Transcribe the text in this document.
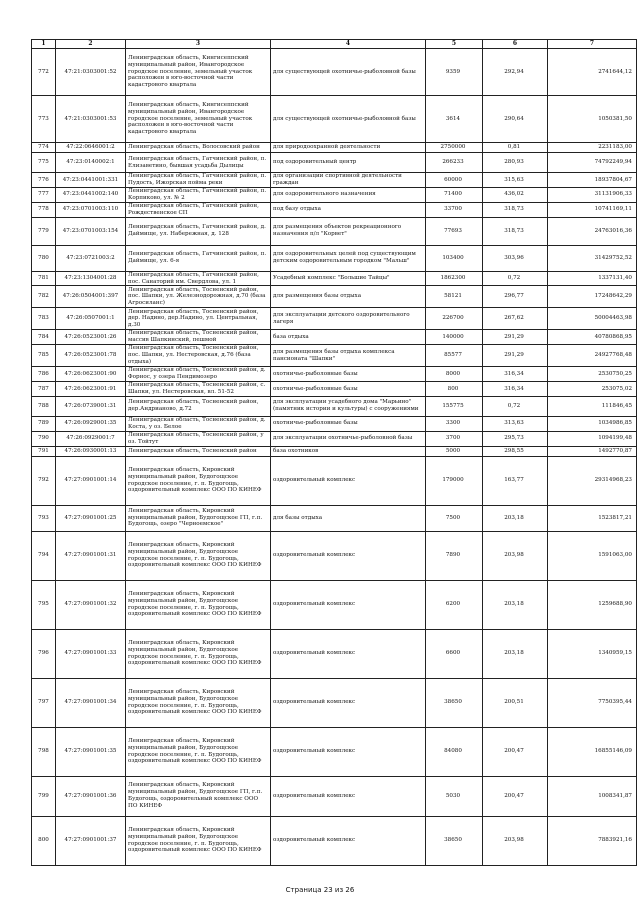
1	2	3	4	5	6	7
772	47:21:0303001:52	Ленинградская область, Кингисеппский муниципальный район, Ивангородское городское поселение, земельный участок расположен в юго-восточной части кадастрового квартала	для существующей охотничье-рыболовной базы	9359	292,94	2741644,12
773	47:21:0303001:53	Ленинградская область, Кингисеппский муниципальный район, Ивангородское городское поселение, земельный участок расположен в юго-восточной части кадастрового квартала	для существующей охотничье-рыболовной базы	3614	290,64	1050381,50
774	47:22:0646001:2	Ленинградская область, Волосовский район	для природоохранной деятельности	2750000	0,81	2231183,00
775	47:23:0140002:1	Ленинградская область, Гатчинский район, п. Елизаветино, бывшая усадьба Дылицы	под оздоровительный центр	266233	280,93	74792249,94
776	47:23:0441001:331	Ленинградская область, Гатчинский район, п. Пудость, Ижорская пойма реки	для организации спортивной деятельности граждан	60000	315,63	18937804,67
777	47:23:0441002:140	Ленинградская область, Гатчинский район, п. Корпиково, ул. № 2	для оздоровительного назначения	71400	436,02	31131906,33
778	47:23:0701003:110	Ленинградская область, Гатчинский район, Рождественское СП	под базу отдыха	33700	318,73	10741169,11
779	47:23:0701003:154	Ленинградская область, Гатчинский район, д. Даймище, ул. Набережная, д. 128	для размещения объектов рекреационного назначения п/л "Корвет"	77693	318,73	24763016,36
780	47:23:0721003:2	Ленинградская область, Гатчинский район, п. Даймище, ул. 6-я	для оздоровительных целей под существующим детским оздоровительным городком "Мальш"	103400	303,96	31429752,52
781	47:23:1304001:28	Ленинградская область, Гатчинский район, пос. Санаторий им. Свердлова, ул. 1	Усадебный комплекс "Большие Тайцы"	1862300	0,72	1337131,40
782	47:26:0504001:397	Ленинградская область, Тосненский район, пос. Шапки, ул. Железнодорожная, д.70 (база Агросиланс)	для размещения базы отдыха	58121	296,77	17248642,29
783	47:26:0507001:1	Ленинградская область, Тосненский район, дер. Надино, дер.Надино, ул. Центральная, д.30	для эксплуатации детского оздоровительного лагеря	226700	267,62	50004463,98
784	47:26:0523001:26	Ленинградская область, Тосненский район, массив Шапкинский, пешмой	база отдыха	140000	291,29	40780868,95
785	47:26:0523001:78	Ленинградская область, Тосненский район, пос. Шапки, ул. Нестеровская, д.76 (база отдыха)	для размещения базы отдыха комплекса пансионата "Шапки"	85577	291,29	24927768,48
786	47:26:0623001:90	Ленинградская область, Тосненский район, д. Форнос, у озера Пендимозеро	охотничье-рыболовные базы	8000	316,34	2530750,25
787	47:26:0623001:91	Ленинградская область, Тосненский район, с. Шапки, ул. Нестеровская, вл. 51-52	охотничье-рыболовные базы	800	316,34	253075,02
788	47:26:0739001:31	Ленинградская область, Тосненский район, дер.Андрианово, д.72	для эксплуатации усадебного дома "Марьино" (памятник истории и культуры) с сооружениями	155775	0,72	111846,45
789	47:26:0929001:35	Ленинградская область, Тосненский район, д. Коста, у оз. Белое	охотничье-рыболовные базы	3300	313,63	1034986,85
790	47:26:0929001:7	Ленинградская область, Тосненский район, у оз. Тойтут	для эксплуатации охотничье-рыболовной базы	3700	295,73	1094199,48
791	47:26:0930001:13	Ленинградская область, Тосненский район	база охотников	5000	298,55	1492770,87
792	47:27:0901001:14	Ленинградская область, Кировский муниципальный район, Будогощское городское поселение, г. п. Будогощь, оздоровительный комплекс ООО ПО КИНЕФ	оздоровительный комплекс	179000	163,77	29314968,23
793	47:27:0901001:25	Ленинградская область, Кировский муниципальный район, Будогощское ГП, г.п. Будогощь, озеро "Черноемское"	для базы отдыха	7500	203,18	1523817,21
794	47:27:0901001:31	Ленинградская область, Кировский муниципальный район, Будогощское городское поселение, г. п. Будогощь, оздоровительный комплекс ООО ПО КИНЕФ	оздоровительный комплекс	7890	203,98	1591063,00
795	47:27:0901001:32	Ленинградская область, Кировский муниципальный район, Будогощское городское поселение, г. п. Будогощь, оздоровительный комплекс ООО ПО КИНЕФ	оздоровительный комплекс	6200	203,18	1259688,90
796	47:27:0901001:33	Ленинградская область, Кировский муниципальный район, Будогощское городское поселение, г. п. Будогощь, оздоровительный комплекс ООО ПО КИНЕФ	оздоровительный комплекс	6600	203,18	1340959,15
797	47:27:0901001:34	Ленинградская область, Кировский муниципальный район, Будогощское городское поселение, г. п. Будогощь, оздоровительный комплекс ООО ПО КИНЕФ	оздоровительный комплекс	38650	200,51	7750395,44
798	47:27:0901001:35	Ленинградская область, Кировский муниципальный район, Будогощское городское поселение, г. п. Будогощь, оздоровительный комплекс ООО ПО КИНЕФ	оздоровительный комплекс	84080	200,47	16855146,09
799	47:27:0901001:36	Ленинградская область, Кировский муниципальный район, Будогощское ГП, г.п. Будогощь, оздоровительный комплекс ООО ПО КИНЕФ	оздоровительный комплекс	5030	200,47	1008341,87
800	47:27:0901001:37	Ленинградская область, Кировский муниципальный район, Будогощское городское поселение, г. п. Будогощь, оздоровительный комплекс ООО ПО КИНЕФ	оздоровительный комплекс	38650	203,98	7883921,16
Страница 23 из 26
